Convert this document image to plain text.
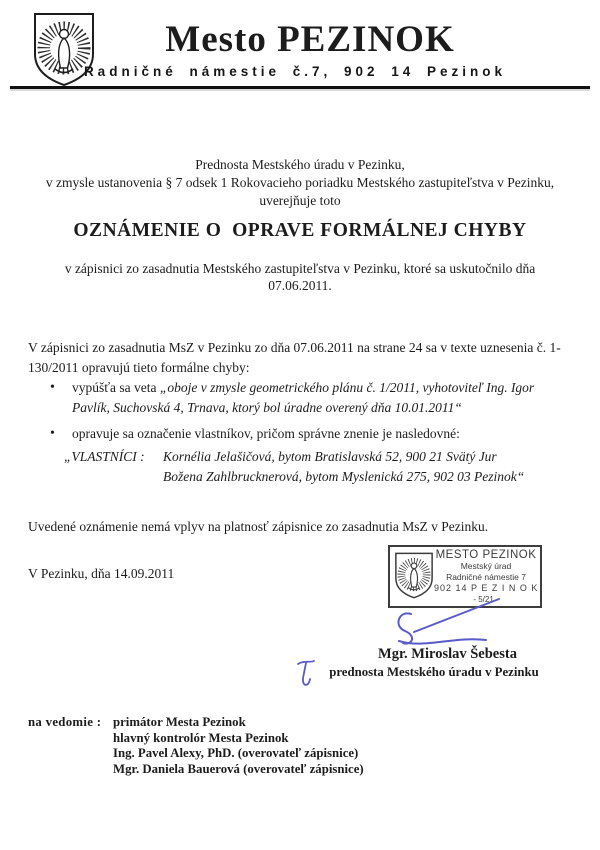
Mesto PEZINOK
Radničné námestie č.7, 902 14 Pezinok
Prednosta Mestského úradu v Pezinku,
v zmysle ustanovenia § 7 odsek 1 Rokovacieho poriadku Mestského zastupiteľstva v Pezinku,
uverejňuje toto
OZNÁMENIE O  OPRAVE FORMÁLNEJ CHYBY
v zápisnici zo zasadnutia Mestského zastupiteľstva v Pezinku, ktoré sa uskutočnilo dňa
07.06.2011.
V zápisnici zo zasadnutia MsZ v Pezinku zo dňa 07.06.2011 na strane 24 sa v texte uznesenia č. 1-130/2011 opravujú tieto formálne chyby:
•	vypúšťa sa veta „oboje v zmysle geometrického plánu č. 1/2011, vyhotoviteľ Ing. Igor Pavlík, Suchovská 4, Trnava, ktorý bol úradne overený dňa 10.01.2011“
•	opravuje sa označenie vlastníkov, pričom správne znenie je nasledovné:
„VLASTNÍCI :	Kornélia Jelašičová, bytom Bratislavská 52, 900 21 Svätý Jur
Božena Zahlbrucknerová, bytom Myslenická 275, 902 03 Pezinok“
Uvedené oznámenie nemá vplyv na platnosť zápisnice zo zasadnutia MsZ v Pezinku.
V Pezinku, dňa 14.09.2011
MESTO PEZINOK
Mestský úrad
Radničné námestie 7
902 14 P E Z I N O K
- 5/21 -
Mgr. Miroslav Šebesta
prednosta Mestského úradu v Pezinku
na vedomie : primátor Mesta Pezinok
hlavný kontrolór Mesta Pezinok
Ing. Pavel Alexy, PhD. (overovateľ zápisnice)
Mgr. Daniela Bauerová (overovateľ zápisnice)
